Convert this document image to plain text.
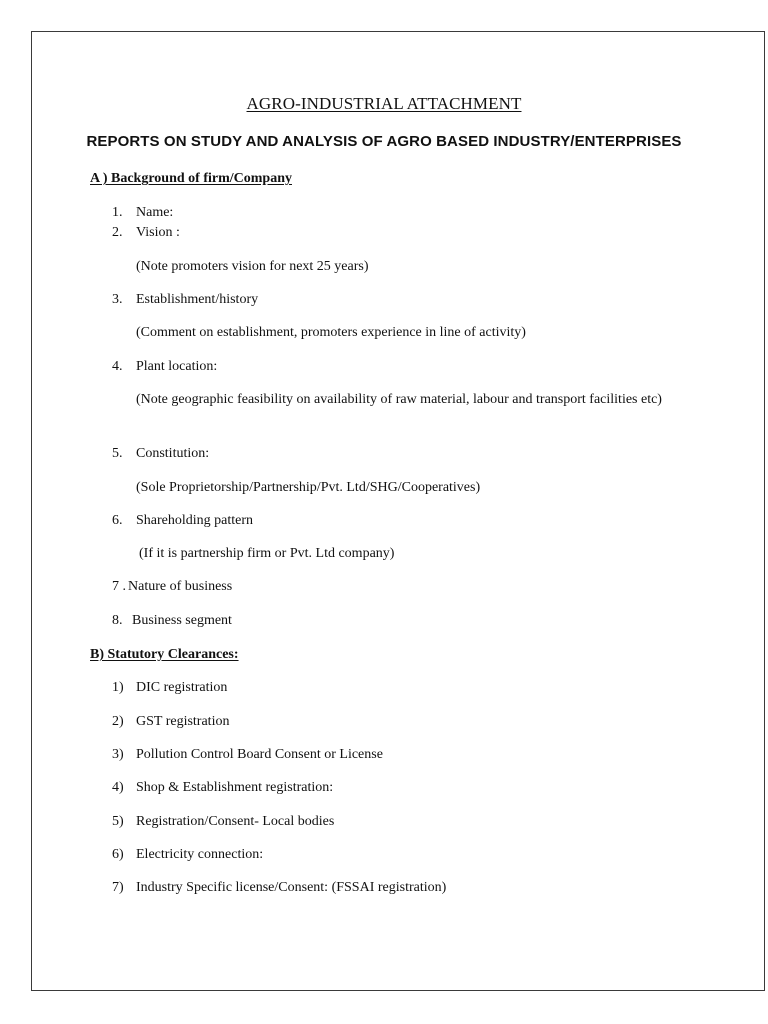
AGRO-INDUSTRIAL ATTACHMENT
REPORTS ON STUDY AND ANALYSIS OF AGRO BASED INDUSTRY/ENTERPRISES
A ) Background of firm/Company
1. Name:
2. Vision :
(Note promoters vision for next 25 years)
3. Establishment/history
(Comment on establishment, promoters experience in line of activity)
4. Plant location:
(Note geographic feasibility on availability of raw material, labour and transport facilities etc)
5. Constitution:
(Sole Proprietorship/Partnership/Pvt. Ltd/SHG/Cooperatives)
6. Shareholding pattern
(If it is partnership firm or Pvt. Ltd company)
7 . Nature of business
8. Business segment
B) Statutory Clearances:
1) DIC registration
2) GST registration
3) Pollution Control Board Consent or License
4) Shop & Establishment registration:
5) Registration/Consent- Local bodies
6) Electricity connection:
7) Industry Specific license/Consent: (FSSAI registration)
